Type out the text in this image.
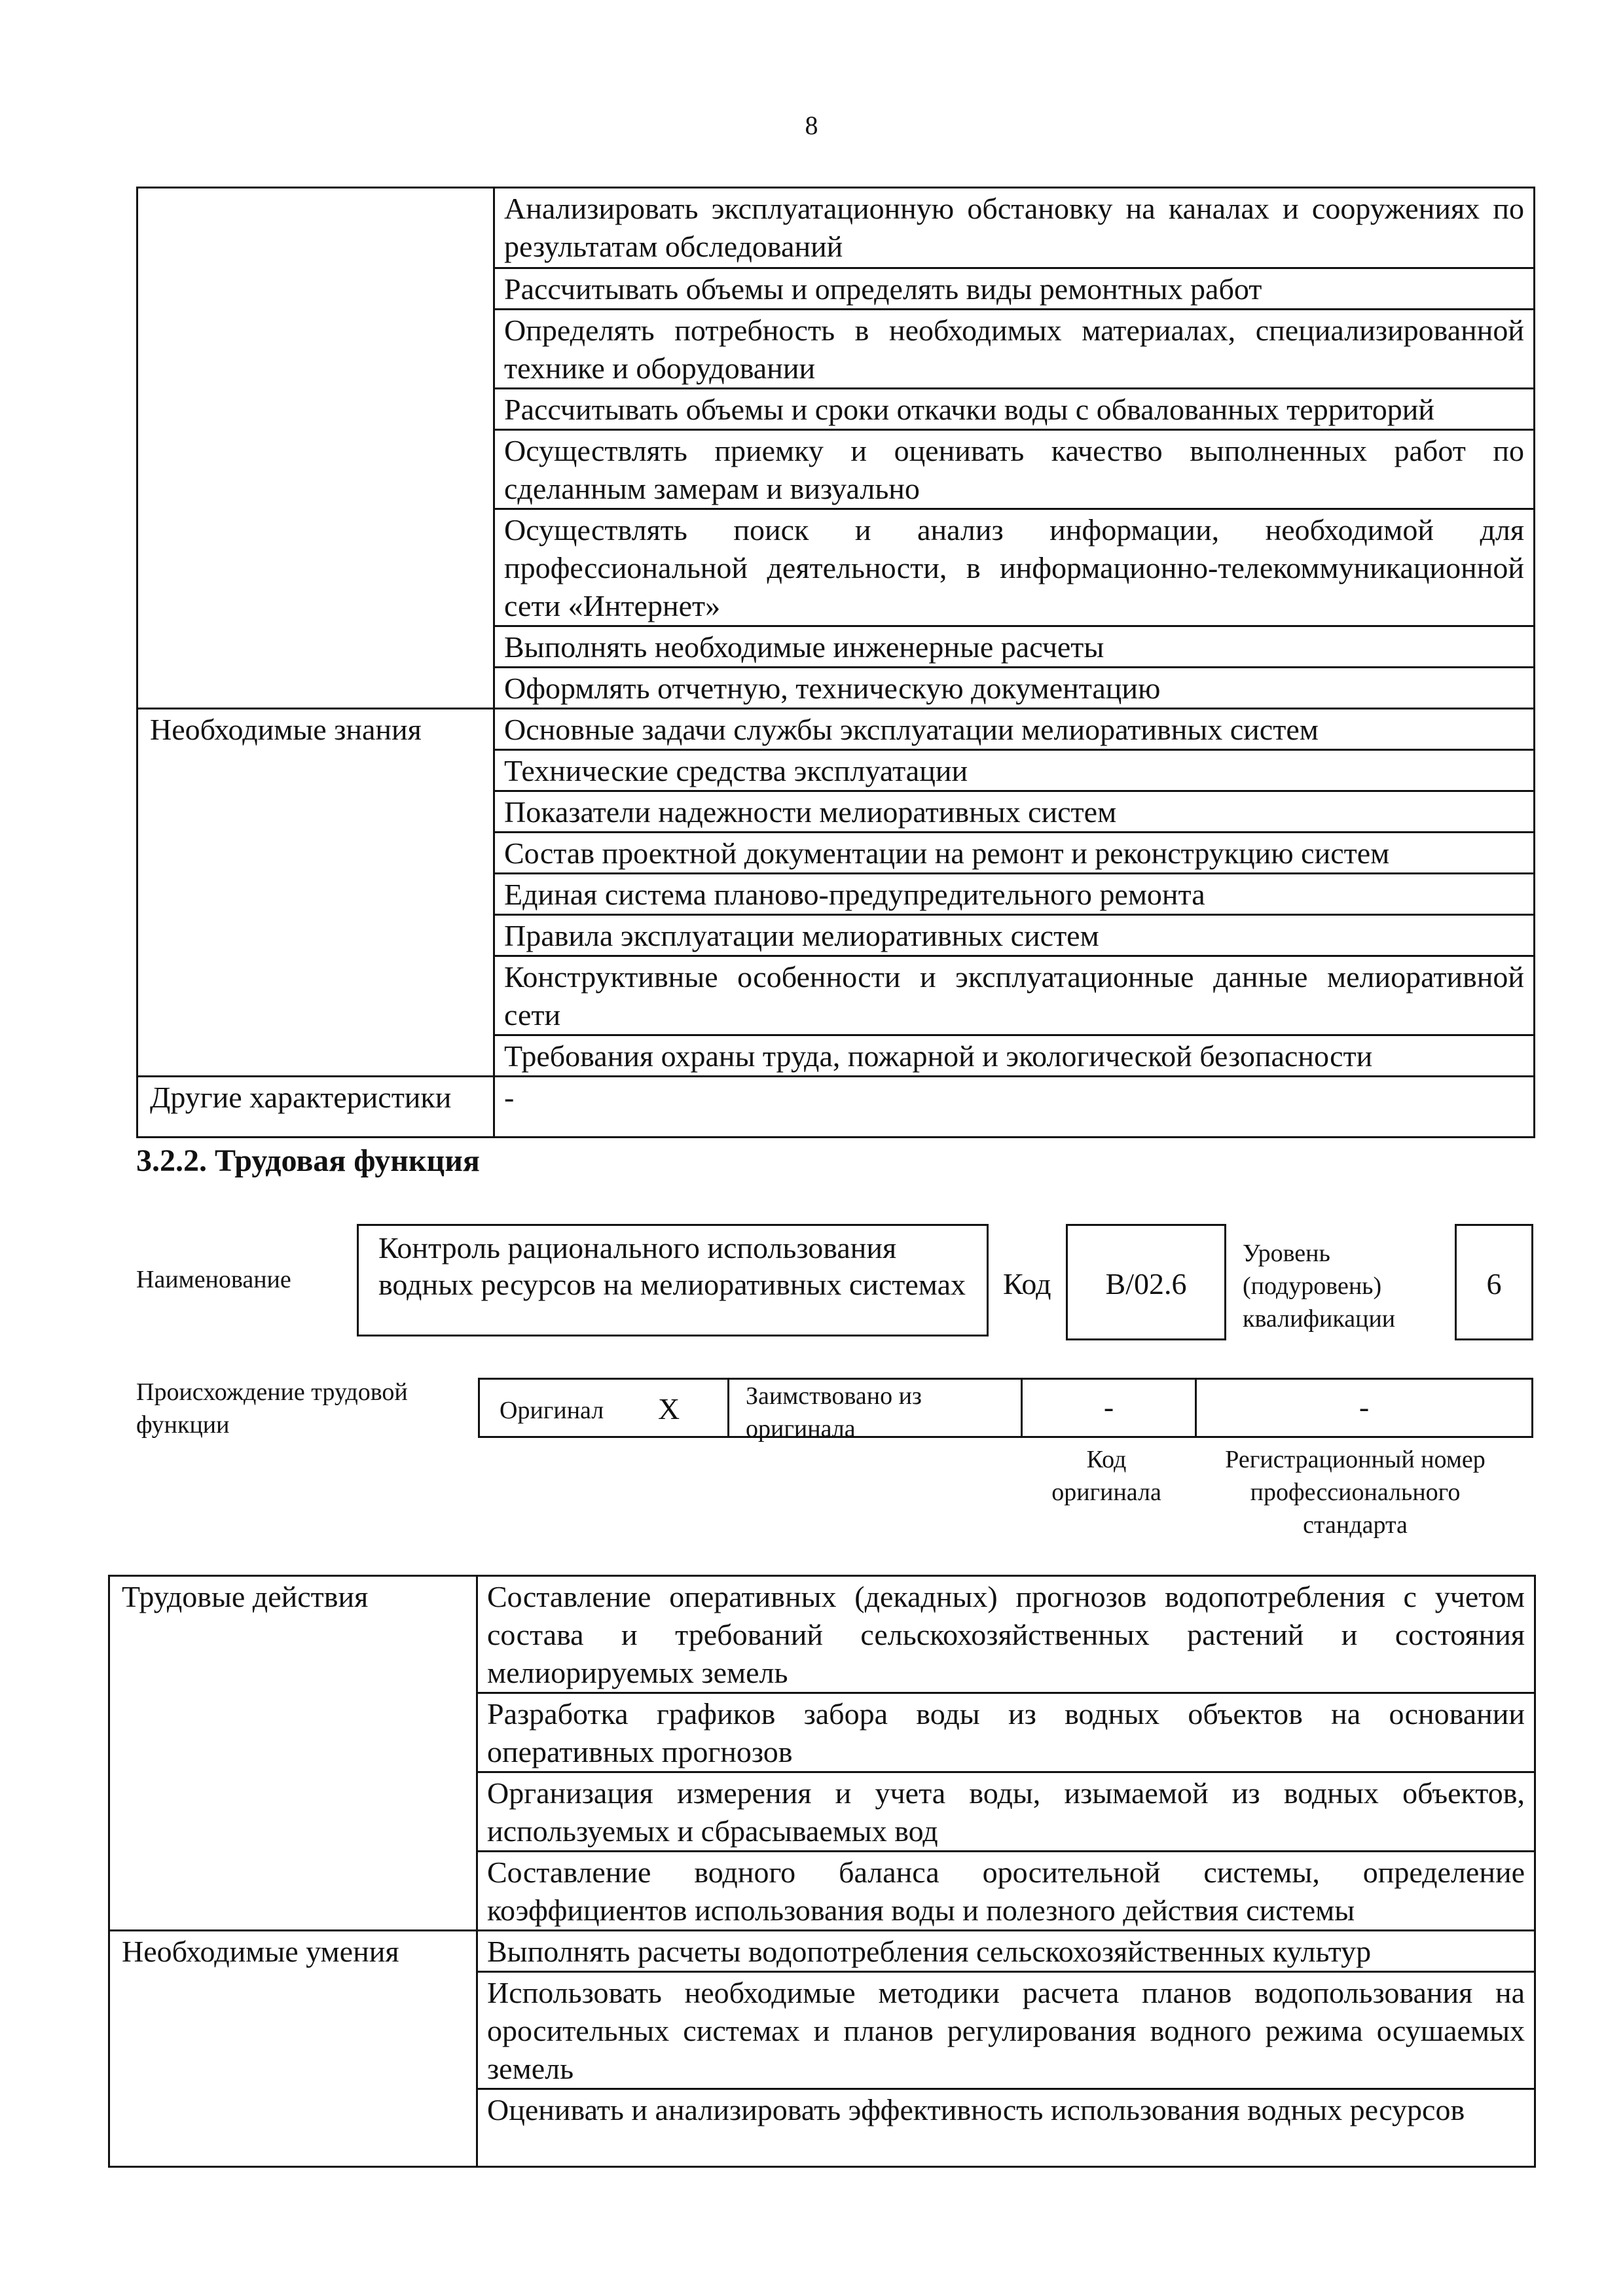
8
	Анализировать эксплуатационную обстановку на каналах и сооружениях по результатам обследований
	Рассчитывать объемы и определять виды ремонтных работ
	Определять потребность в необходимых материалах, специализированной технике и оборудовании
	Рассчитывать объемы и сроки откачки воды с обвалованных территорий
	Осуществлять приемку и оценивать качество выполненных работ по сделанным замерам и визуально
	Осуществлять поиск и анализ информации, необходимой для профессиональной деятельности, в информационно-телекоммуникационной сети «Интернет»
	Выполнять необходимые инженерные расчеты
	Оформлять отчетную, техническую документацию
Необходимые знания	Основные задачи службы эксплуатации мелиоративных систем
	Технические средства эксплуатации
	Показатели надежности мелиоративных систем
	Состав проектной документации на ремонт и реконструкцию систем
	Единая система планово-предупредительного ремонта
	Правила эксплуатации мелиоративных систем
	Конструктивные особенности и эксплуатационные данные мелиоративной сети
	Требования охраны труда, пожарной и экологической безопасности
Другие характеристики	-
3.2.2. Трудовая функция
Наименование
Контроль рационального использования водных ресурсов на мелиоративных системах	Код	B/02.6
Уровень (подуровень) квалификации
6
Происхождение трудовой функции
Оригинал X	Заимствовано из оригинала
-	-
Код оригинала
Регистрационный номер профессионального стандарта
Трудовые действия	Составление оперативных (декадных) прогнозов водопотребления с учетом состава и требований сельскохозяйственных растений и состояния мелиорируемых земель
	Разработка графиков забора воды из водных объектов на основании оперативных прогнозов
	Организация измерения и учета воды, изымаемой из водных объектов, используемых и сбрасываемых вод
	Составление водного баланса оросительной системы, определение коэффициентов использования воды и полезного действия системы
Необходимые умения	Выполнять расчеты водопотребления сельскохозяйственных культур
	Использовать необходимые методики расчета планов водопользования на оросительных системах и планов регулирования водного режима осушаемых земель
	Оценивать и анализировать эффективность использования водных ресурсов
